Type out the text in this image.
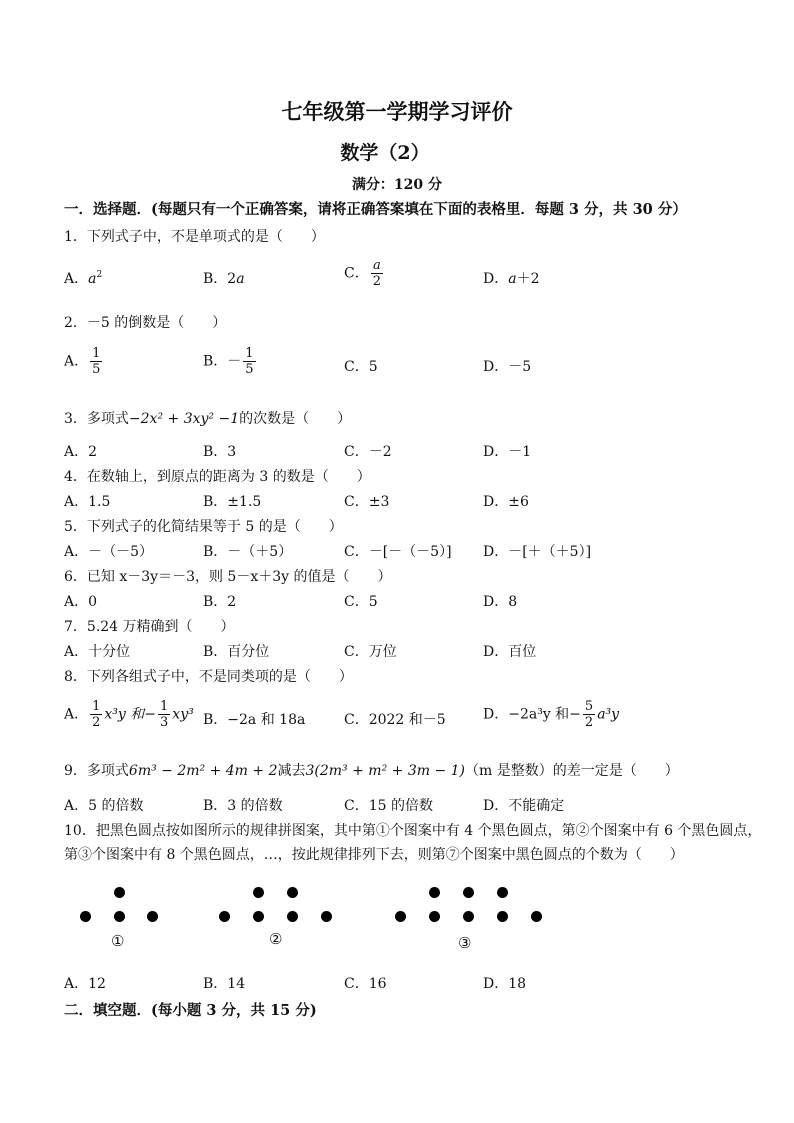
七年级第一学期学习评价
数学（2）
满分：120 分
一．选择题．(每题只有一个正确答案，请将正确答案填在下面的表格里．每题 3 分，共 30 分）
1．下列式子中，不是单项式的是（　　）
A．$a^2$	B．2a	C． $\frac{a}{2}$	D．a＋2
2．－5 的倒数是（　　）
A． $\frac{1}{5}$	B．－ $\frac{1}{5}$	C．5	D．－5
3．多项式−2x² + 3xy² −1的次数是（　　）
A．2	B．3	C．－2	D．－1
4．在数轴上，到原点的距离为 3 的数是（　　）
A．1.5	B．±1.5	C．±3	D．±6
5．下列式子的化简结果等于 5 的是（　　）
A．－（－5）	B．－（＋5）	C．－[－（－5）] D．－[＋（＋5）]
6．已知 x－3y＝－3，则 5－x＋3y 的值是（　　）
A．0	B．2	C．5	D．8
7．5.24 万精确到（　　）
A．十分位	B．百分位	C．万位	D．百位
8．下列各组式子中，不是同类项的是（　　）
A． $\frac{1}{2} x^3y$ 和− $\frac{1}{3} xy^3$ B．−2a 和 18a	C．2022 和－5	D．−2a³y 和− $\frac{5}{2} a^3y$
9．多项式6m³ − 2m² + 4m + 2减去3(2m³ + m² + 3m − 1)（m 是整数）的差一定是（　　）
A．5 的倍数	B．3 的倍数	C．15 的倍数	D．不能确定
10．把黑色圆点按如图所示的规律拼图案，其中第①个图案中有 4 个黑色圆点，第②个图案中有 6 个黑色圆点，
第③个图案中有 8 个黑色圆点，…，按此规律排列下去，则第⑦个图案中黑色圆点的个数为（　　）
①	②	③
A．12	B．14	C．16	D．18
二．填空题．(每小题 3 分，共 15 分)
